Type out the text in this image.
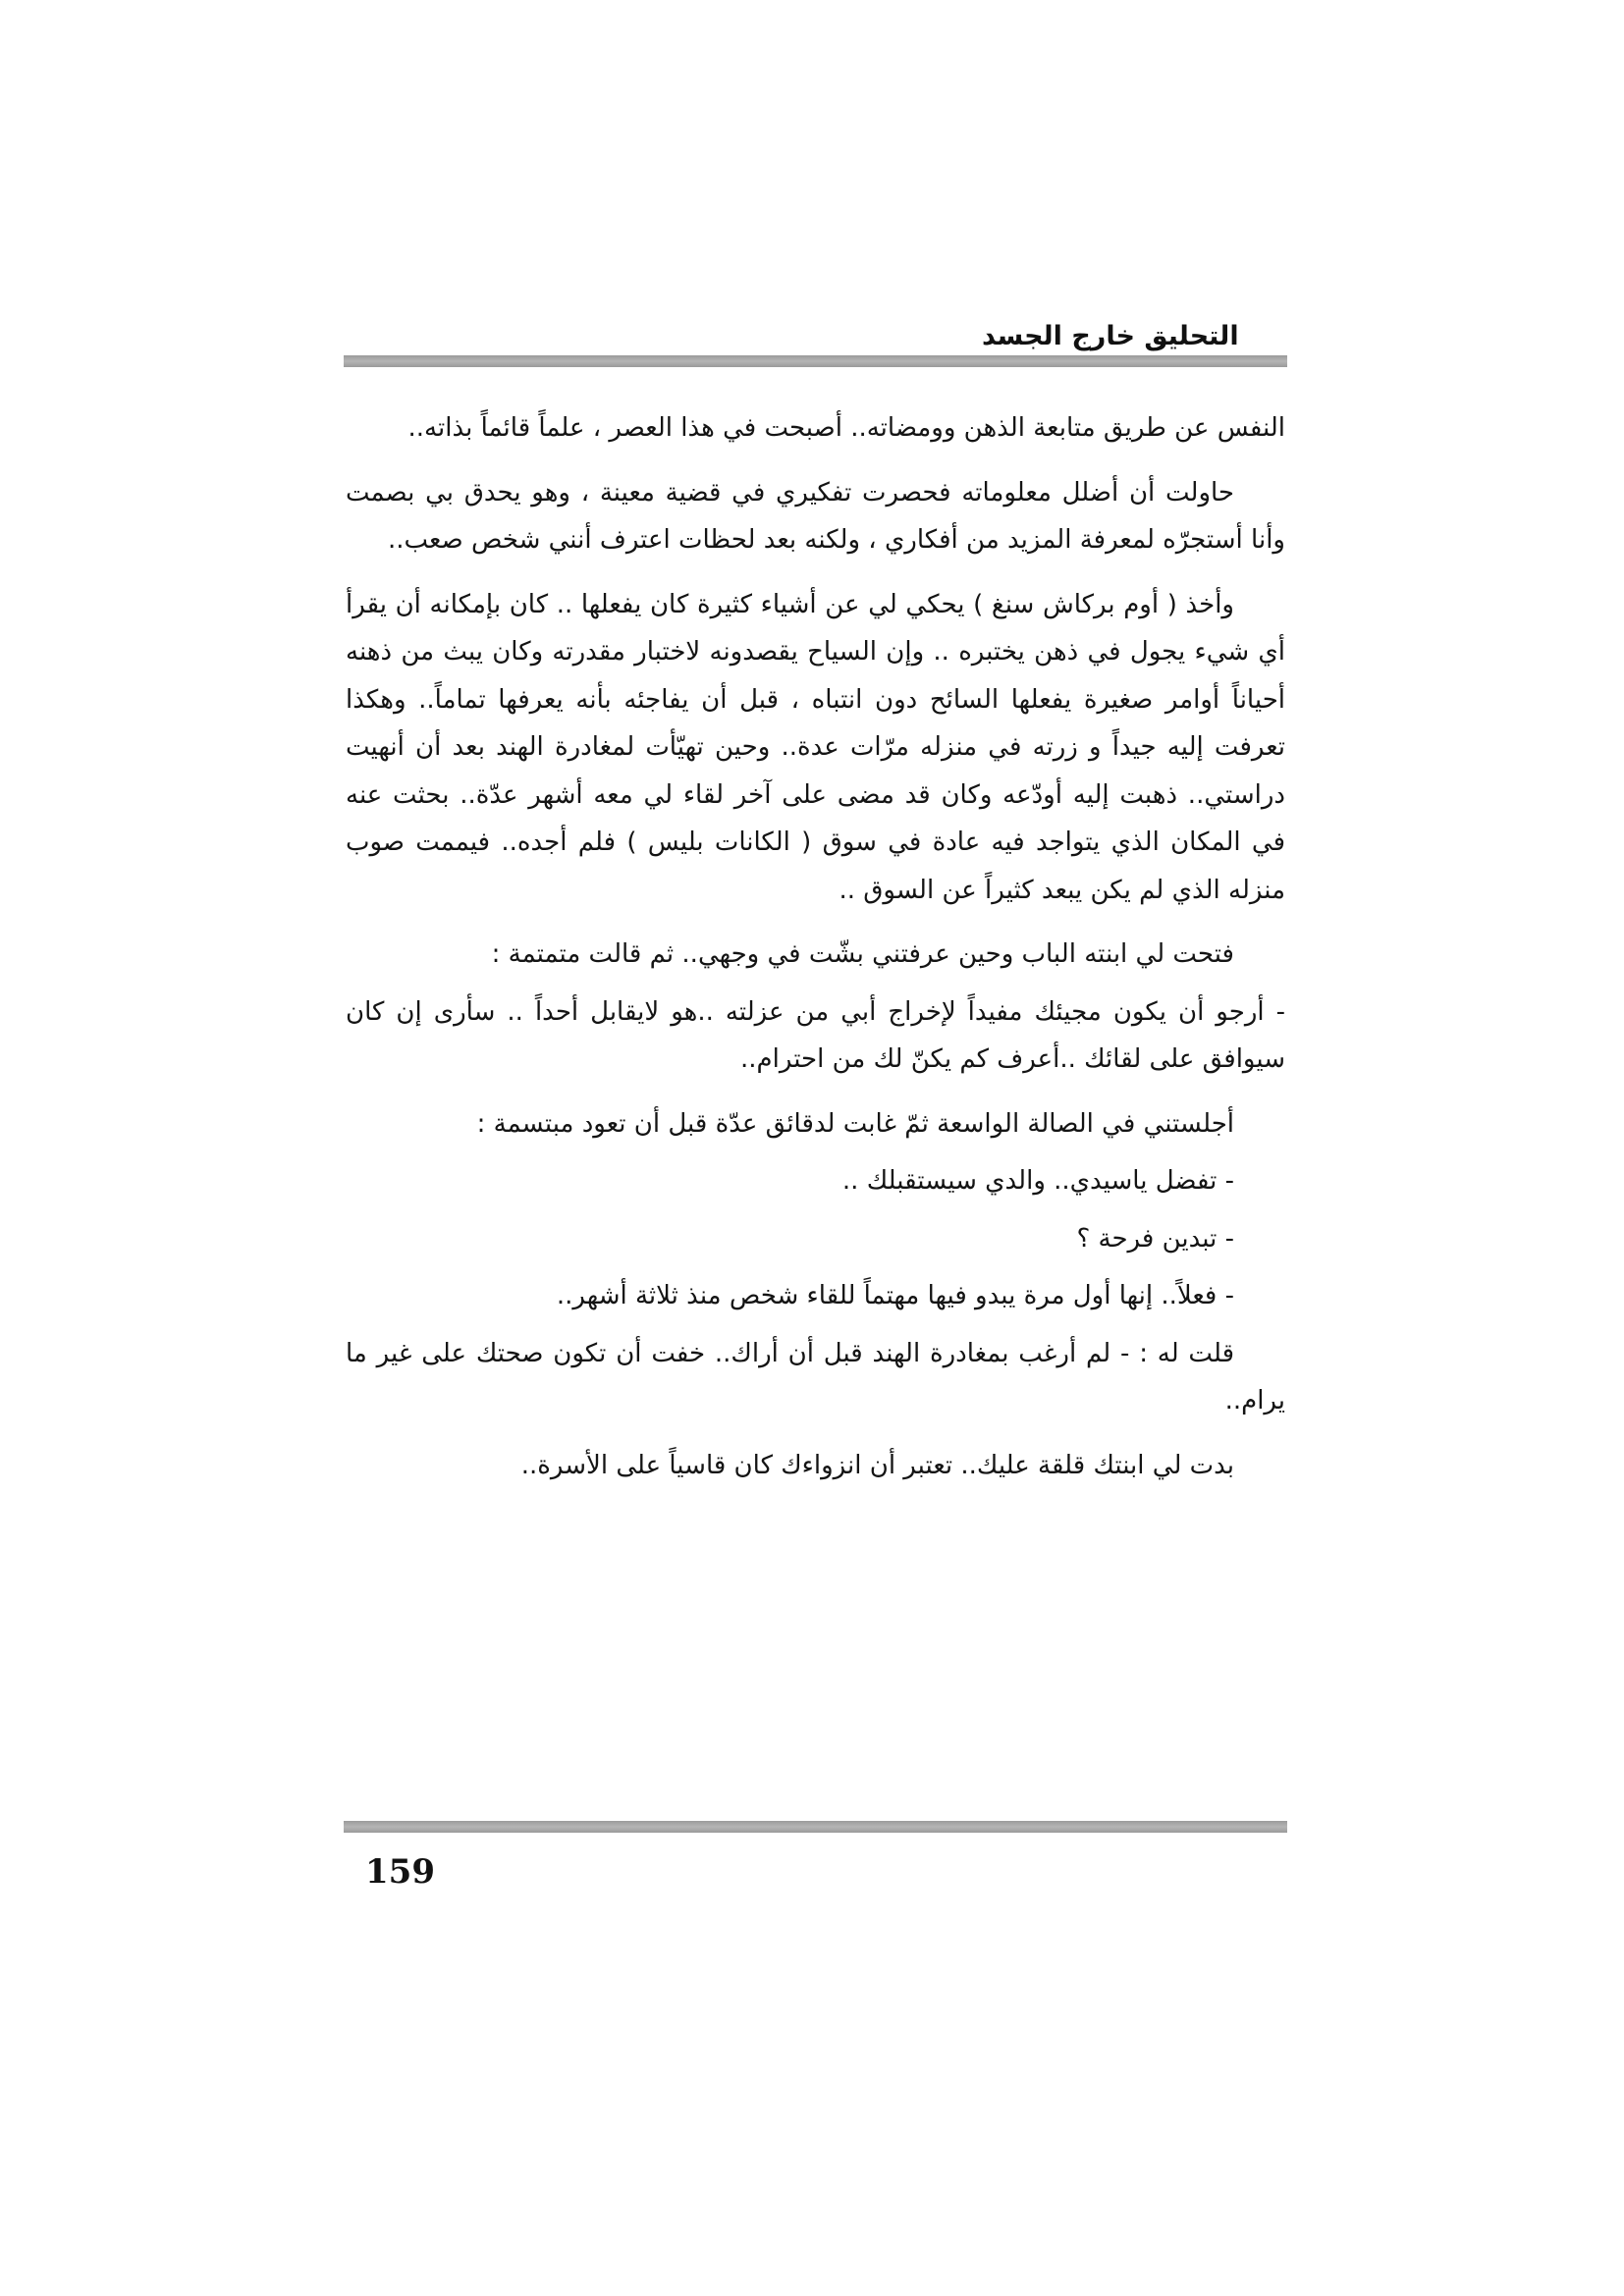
التحليق خارج الجسد

النفس عن طريق متابعة الذهن وومضاته.. أصبحت في هذا العصر ، علماً قائماً بذاته..

حاولت أن أضلل معلوماته فحصرت تفكيري في قضية معينة ، وهو يحدق بي بصمت وأنا أستجرّه لمعرفة المزيد من أفكاري ، ولكنه بعد لحظات اعترف أنني شخص صعب..

وأخذ ( أوم بركاش سنغ ) يحكي لي عن أشياء كثيرة كان يفعلها .. كان بإمكانه أن يقرأ أي شيء يجول في ذهن يختبره .. وإن السياح يقصدونه لاختبار مقدرته وكان يبث من ذهنه أحياناً أوامر صغيرة يفعلها السائح دون انتباه ، قبل أن يفاجئه بأنه يعرفها تماماً.. وهكذا تعرفت إليه جيداً و زرته في منزله مرّات عدة.. وحين تهيّأت لمغادرة الهند بعد أن أنهيت دراستي.. ذهبت إليه أودّعه وكان قد مضى على آخر لقاء لي معه أشهر عدّة.. بحثت عنه في المكان الذي يتواجد فيه عادة في سوق ( الكانات بليس ) فلم أجده.. فيممت صوب منزله الذي لم يكن يبعد كثيراً عن السوق ..

فتحت لي ابنته الباب وحين عرفتني بشّت في وجهي.. ثم قالت متمتمة :

- أرجو أن يكون مجيئك مفيداً لإخراج أبي من عزلته ..هو لايقابل أحداً .. سأرى إن كان سيوافق على لقائك ..أعرف كم يكنّ لك من احترام..

أجلستني في الصالة الواسعة ثمّ غابت لدقائق عدّة قبل أن تعود مبتسمة :

- تفضل ياسيدي.. والدي سيستقبلك ..

- تبدين فرحة ؟

- فعلاً.. إنها أول مرة يبدو فيها مهتماً للقاء شخص منذ ثلاثة أشهر..

قلت له : - لم أرغب بمغادرة الهند قبل أن أراك.. خفت أن تكون صحتك على غير ما يرام..

بدت لي ابنتك قلقة عليك.. تعتبر أن انزواءك كان قاسياً على الأسرة..

159
